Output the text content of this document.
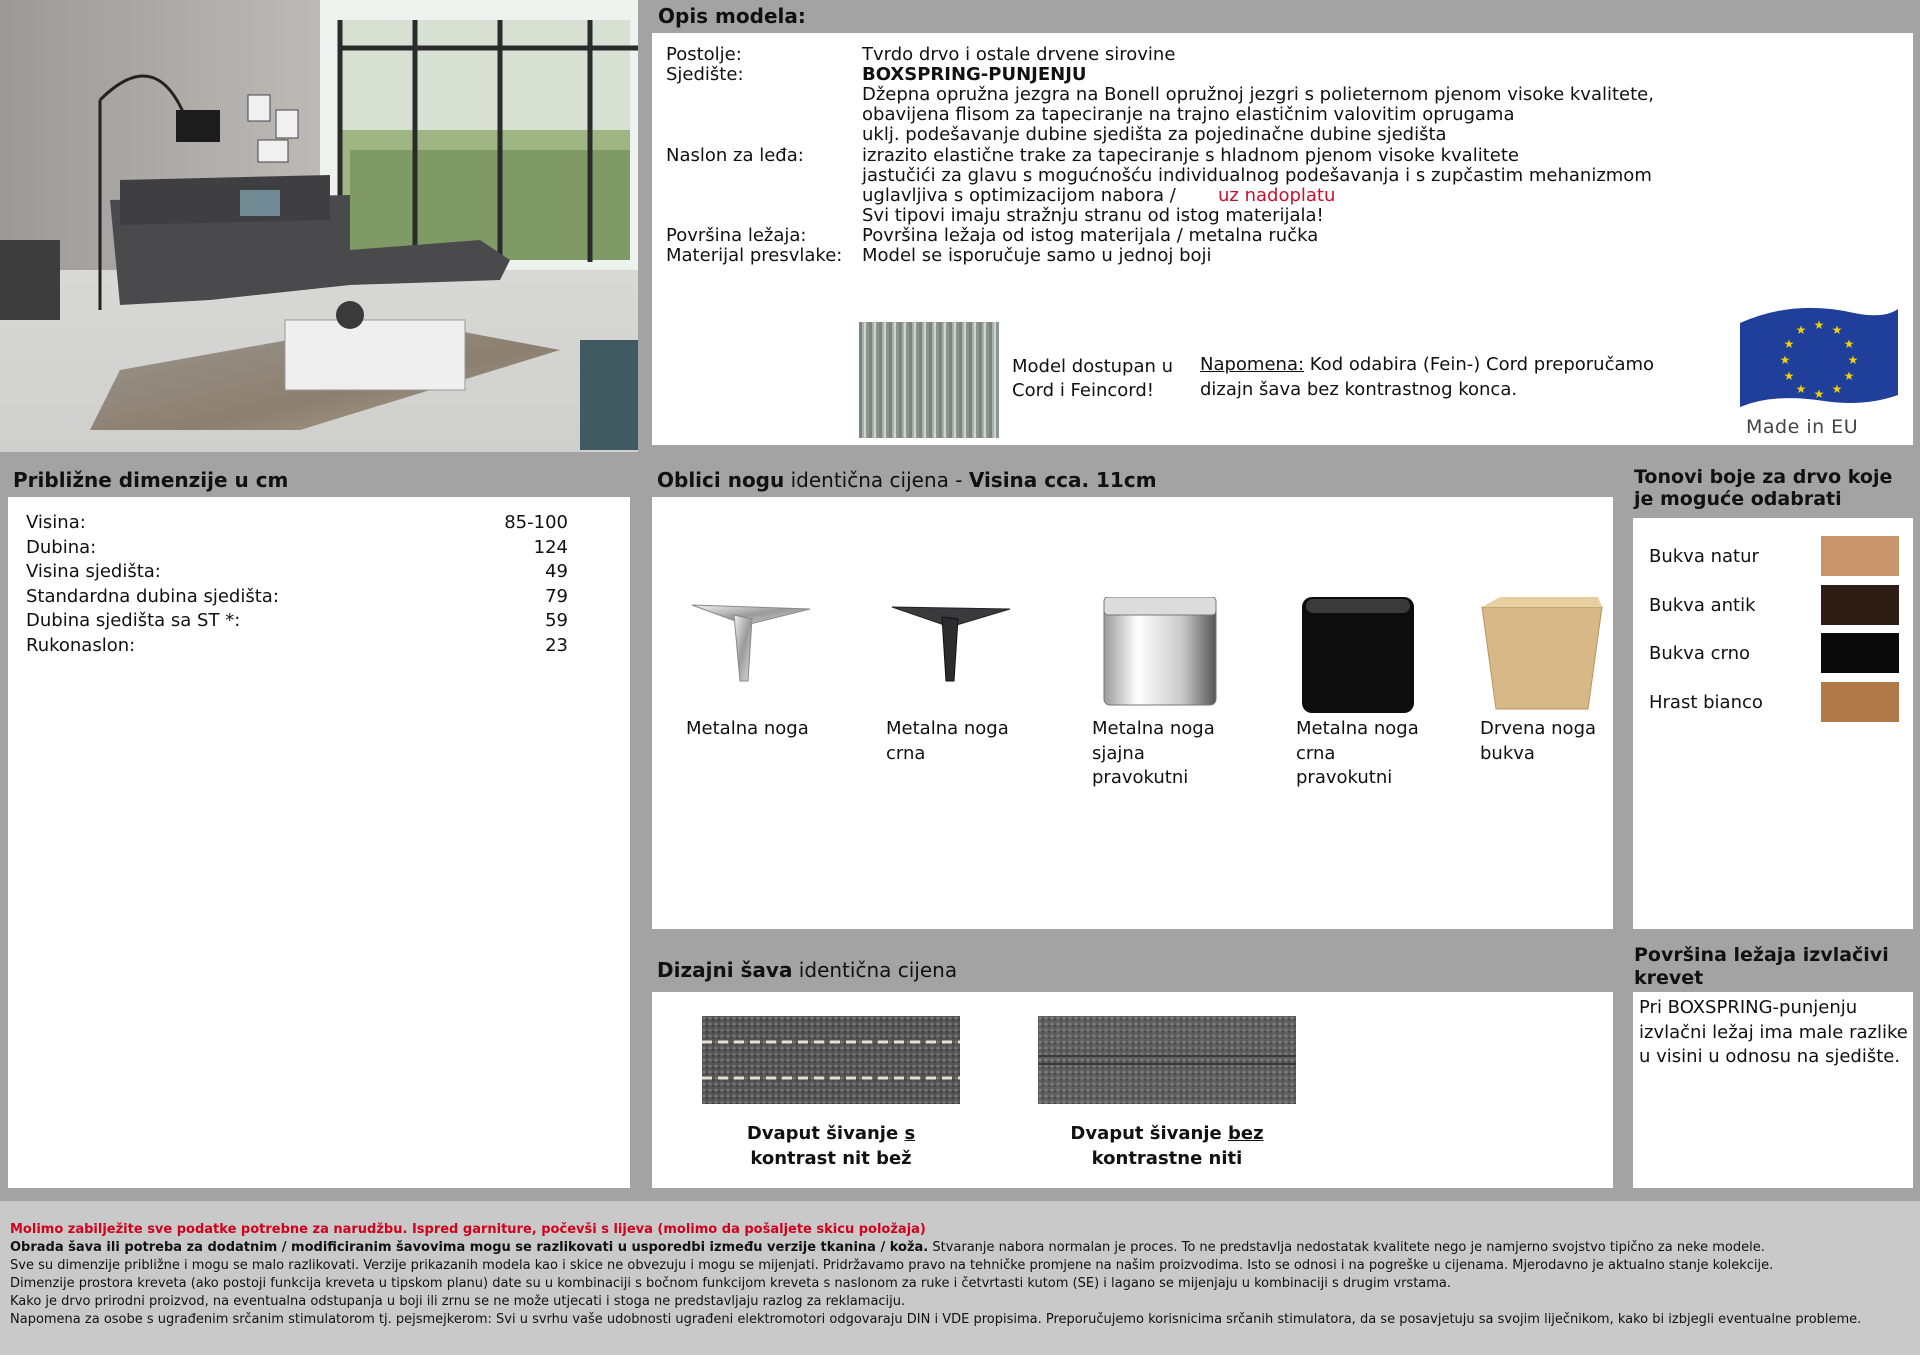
Opis modela:
Postolje:	Tvrdo drvo i ostale drvene sirovine
Sjedište:	BOXSPRING-PUNJENJU
Džepna opružna jezgra na Bonell opružnoj jezgri s polieternom pjenom visoke kvalitete,
obavijena flisom za tapeciranje na trajno elastičnim valovitim oprugama
uklj. podešavanje dubine sjedišta za pojedinačne dubine sjedišta
Naslon za leđa:	izrazito elastične trake za tapeciranje s hladnom pjenom visoke kvalitete
jastučići za glavu s mogućnošću individualnog podešavanja i s zupčastim mehanizmom
uglavljiva s optimizacijom nabora / uz nadoplatu
Svi tipovi imaju stražnju stranu od istog materijala!
Površina ležaja:	Površina ležaja od istog materijala / metalna ručka
Materijal presvlake: Model se isporučuje samo u jednoj boji
Model dostupan u Cord i Feincord!
Napomena: Kod odabira (Fein-) Cord preporučamo
dizajn šava bez kontrastnog konca.
★ ★
★
★
★
★
★
★
★
★
★
★
Made in EU
Približne dimenzije u cm
Visina:	85-100
Dubina:	124
Visina sjedišta:	49
Standardna dubina sjedišta:	79
Dubina sjedišta sa ST *:	59
Rukonaslon:	23
Oblici nogu identična cijena - Visina cca. 11cm
Metalna noga	Metalna noga
crna
Metalna noga
sjajna
pravokutni
Metalna noga
crna
pravokutni
Drvena noga
bukva
Dizajni šava identična cijena
Dvaput šivanje s
kontrast nit bež
Dvaput šivanje bez
kontrastne niti
Tonovi boje za drvo koje je moguće odabrati
Bukva natur
Bukva antik
Bukva crno
Hrast bianco
Površina ležaja izvlačivi krevet
Pri BOXSPRING-punjenju
izvlačni ležaj ima male razlike
u visini u odnosu na sjedište.
Molimo zabilježite sve podatke potrebne za narudžbu. Ispred garniture, počevši s lijeva (molimo da pošaljete skicu položaja)
Obrada šava ili potreba za dodatnim / modificiranim šavovima mogu se razlikovati u usporedbi između verzije tkanina / koža. Stvaranje nabora normalan je proces. To ne predstavlja nedostatak kvalitete nego je namjerno svojstvo tipično za neke modele.
Sve su dimenzije približne i mogu se malo razlikovati. Verzije prikazanih modela kao i skice ne obvezuju i mogu se mijenjati. Pridržavamo pravo na tehničke promjene na našim proizvodima. Isto se odnosi i na pogreške u cijenama. Mjerodavno je aktualno stanje kolekcije.
Dimenzije prostora kreveta (ako postoji funkcija kreveta u tipskom planu) date su u kombinaciji s bočnom funkcijom kreveta s naslonom za ruke i četvrtasti kutom (SE) i lagano se mijenjaju u kombinaciji s drugim vrstama.
Kako je drvo prirodni proizvod, na eventualna odstupanja u boji ili zrnu se ne može utjecati i stoga ne predstavljaju razlog za reklamaciju.
Napomena za osobe s ugrađenim srčanim stimulatorom tj. pejsmejkerom: Svi u svrhu vaše udobnosti ugrađeni elektromotori odgovaraju DIN i VDE propisima. Preporučujemo korisnicima srčanih stimulatora, da se posavjetuju sa svojim liječnikom, kako bi izbjegli eventualne probleme.
